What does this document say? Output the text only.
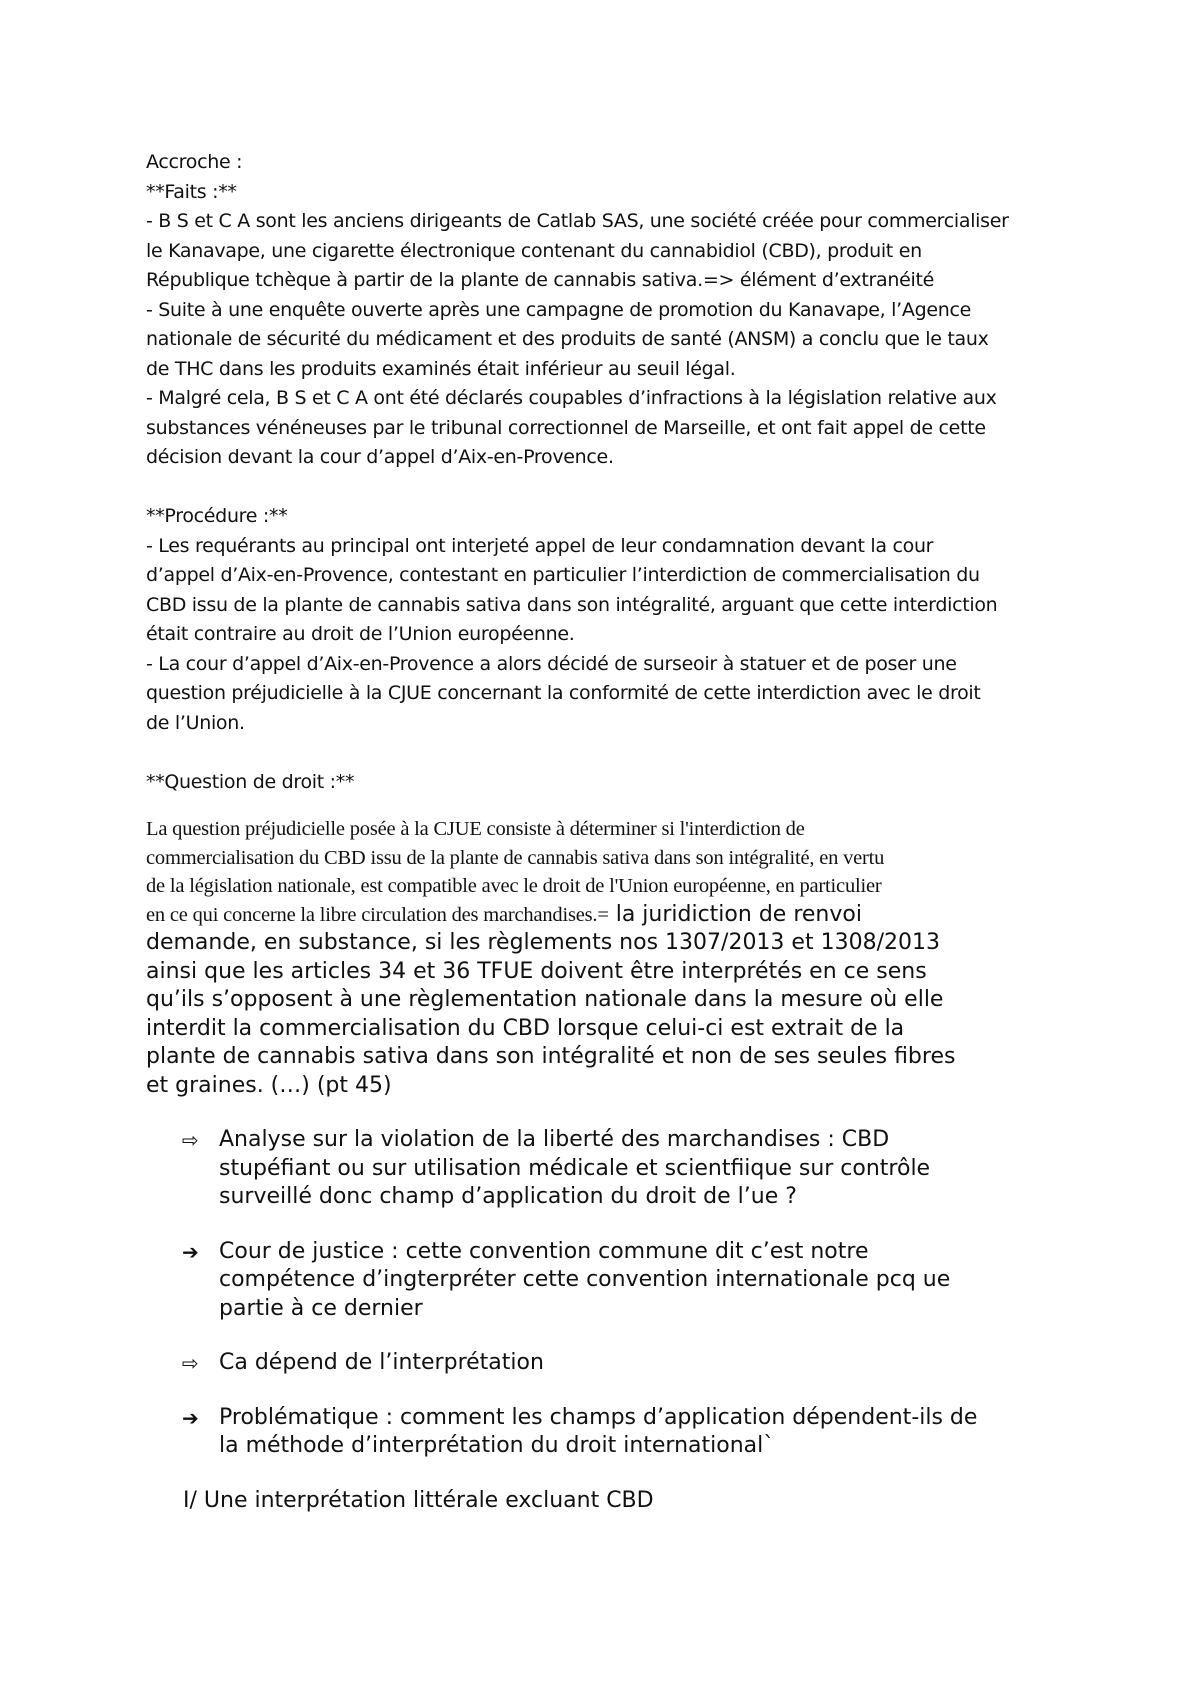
Accroche :
**Faits :**
- B S et C A sont les anciens dirigeants de Catlab SAS, une société créée pour commercialiser
le Kanavape, une cigarette électronique contenant du cannabidiol (CBD), produit en
République tchèque à partir de la plante de cannabis sativa.=> élément d’extranéité
- Suite à une enquête ouverte après une campagne de promotion du Kanavape, l’Agence
nationale de sécurité du médicament et des produits de santé (ANSM) a conclu que le taux
de THC dans les produits examinés était inférieur au seuil légal.
- Malgré cela, B S et C A ont été déclarés coupables d’infractions à la législation relative aux
substances vénéneuses par le tribunal correctionnel de Marseille, et ont fait appel de cette
décision devant la cour d’appel d’Aix-en-Provence.
**Procédure :**
- Les requérants au principal ont interjeté appel de leur condamnation devant la cour
d’appel d’Aix-en-Provence, contestant en particulier l’interdiction de commercialisation du
CBD issu de la plante de cannabis sativa dans son intégralité, arguant que cette interdiction
était contraire au droit de l’Union européenne.
- La cour d’appel d’Aix-en-Provence a alors décidé de surseoir à statuer et de poser une
question préjudicielle à la CJUE concernant la conformité de cette interdiction avec le droit
de l’Union.
**Question de droit :**
La question préjudicielle posée à la CJUE consiste à déterminer si l'interdiction de
commercialisation du CBD issu de la plante de cannabis sativa dans son intégralité, en vertu
de la législation nationale, est compatible avec le droit de l'Union européenne, en particulier
en ce qui concerne la libre circulation des marchandises.= la juridiction de renvoi
demande, en substance, si les règlements nos 1307/2013 et 1308/2013
ainsi que les articles 34 et 36 TFUE doivent être interprétés en ce sens
qu’ils s’opposent à une règlementation nationale dans la mesure où elle
interdit la commercialisation du CBD lorsque celui-ci est extrait de la
plante de cannabis sativa dans son intégralité et non de ses seules fibres
et graines. (…) (pt 45)
⇨ Analyse sur la violation de la liberté des marchandises : CBD
stupéfiant ou sur utilisation médicale et scientfiique sur contrôle
surveillé donc champ d’application du droit de l’ue ?
➔ Cour de justice : cette convention commune dit c’est notre
compétence d’ingterpréter cette convention internationale pcq ue
partie à ce dernier
⇨ Ca dépend de l’interprétation
➔ Problématique : comment les champs d’application dépendent-ils de
la méthode d’interprétation du droit international`
I/ Une interprétation littérale excluant CBD
